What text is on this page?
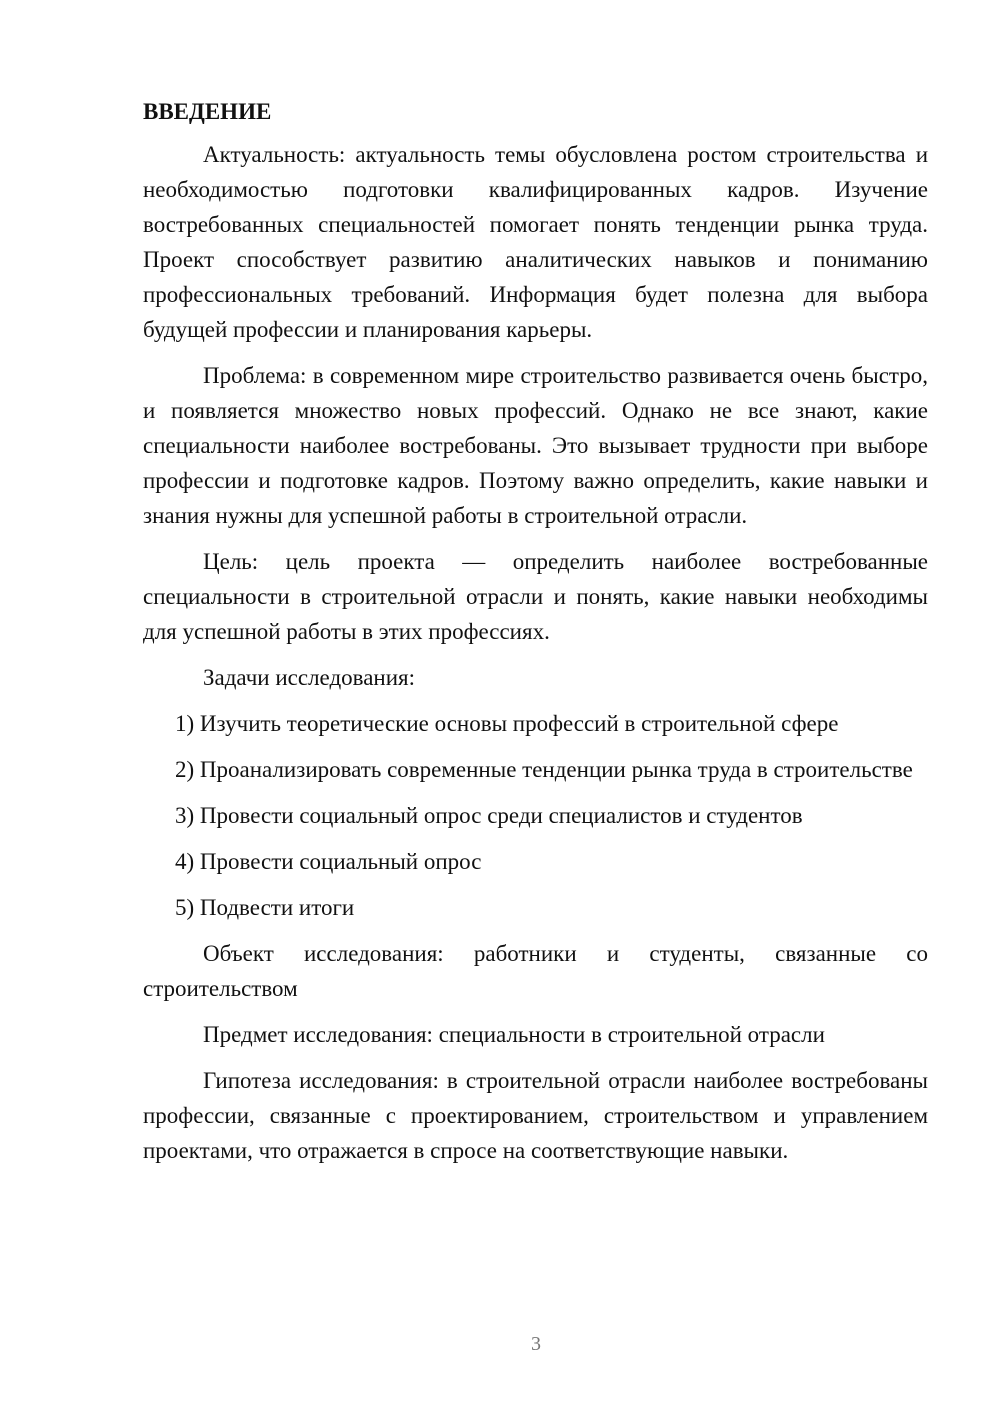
ВВЕДЕНИЕ

Актуальность: актуальность темы обусловлена ростом строительства и необходимостью подготовки квалифицированных кадров. Изучение востребованных специальностей помогает понять тенденции рынка труда. Проект способствует развитию аналитических навыков и пониманию профессиональных требований. Информация будет полезна для выбора будущей профессии и планирования карьеры.

Проблема: в современном мире строительство развивается очень быстро, и появляется множество новых профессий. Однако не все знают, какие специальности наиболее востребованы. Это вызывает трудности при выборе профессии и подготовке кадров. Поэтому важно определить, какие навыки и знания нужны для успешной работы в строительной отрасли.

Цель: цель проекта — определить наиболее востребованные специальности в строительной отрасли и понять, какие навыки необходимы для успешной работы в этих профессиях.

Задачи исследования:

1) Изучить теоретические основы профессий в строительной сфере

2) Проанализировать современные тенденции рынка труда в строительстве

3) Провести социальный опрос среди специалистов и студентов

4) Провести социальный опрос

5) Подвести итоги

Объект исследования: работники и студенты, связанные со строительством

Предмет исследования: специальности в строительной отрасли

Гипотеза исследования: в строительной отрасли наиболее востребованы профессии, связанные с проектированием, строительством и управлением проектами, что отражается в спросе на соответствующие навыки.

3
